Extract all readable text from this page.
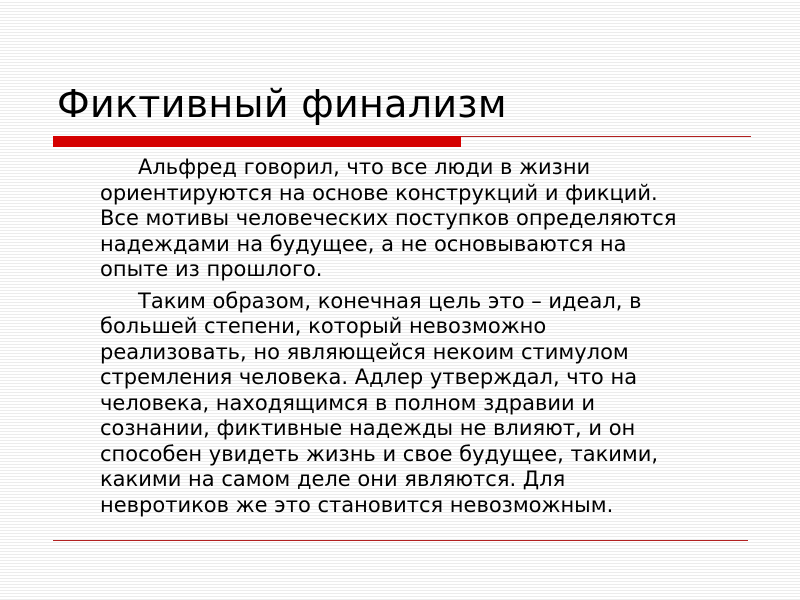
Фиктивный финализм

Альфред говорил, что все люди в жизни
ориентируются на основе конструкций и фикций.
Все мотивы человеческих поступков определяются
надеждами на будущее, а не основываются на
опыте из прошлого.

Таким образом, конечная цель это – идеал, в
большей степени, который невозможно
реализовать, но являющейся некоим стимулом
стремления человека. Адлер утверждал, что на
человека, находящимся в полном здравии и
сознании, фиктивные надежды не влияют, и он
способен увидеть жизнь и свое будущее, такими,
какими на самом деле они являются. Для
невротиков же это становится невозможным.
